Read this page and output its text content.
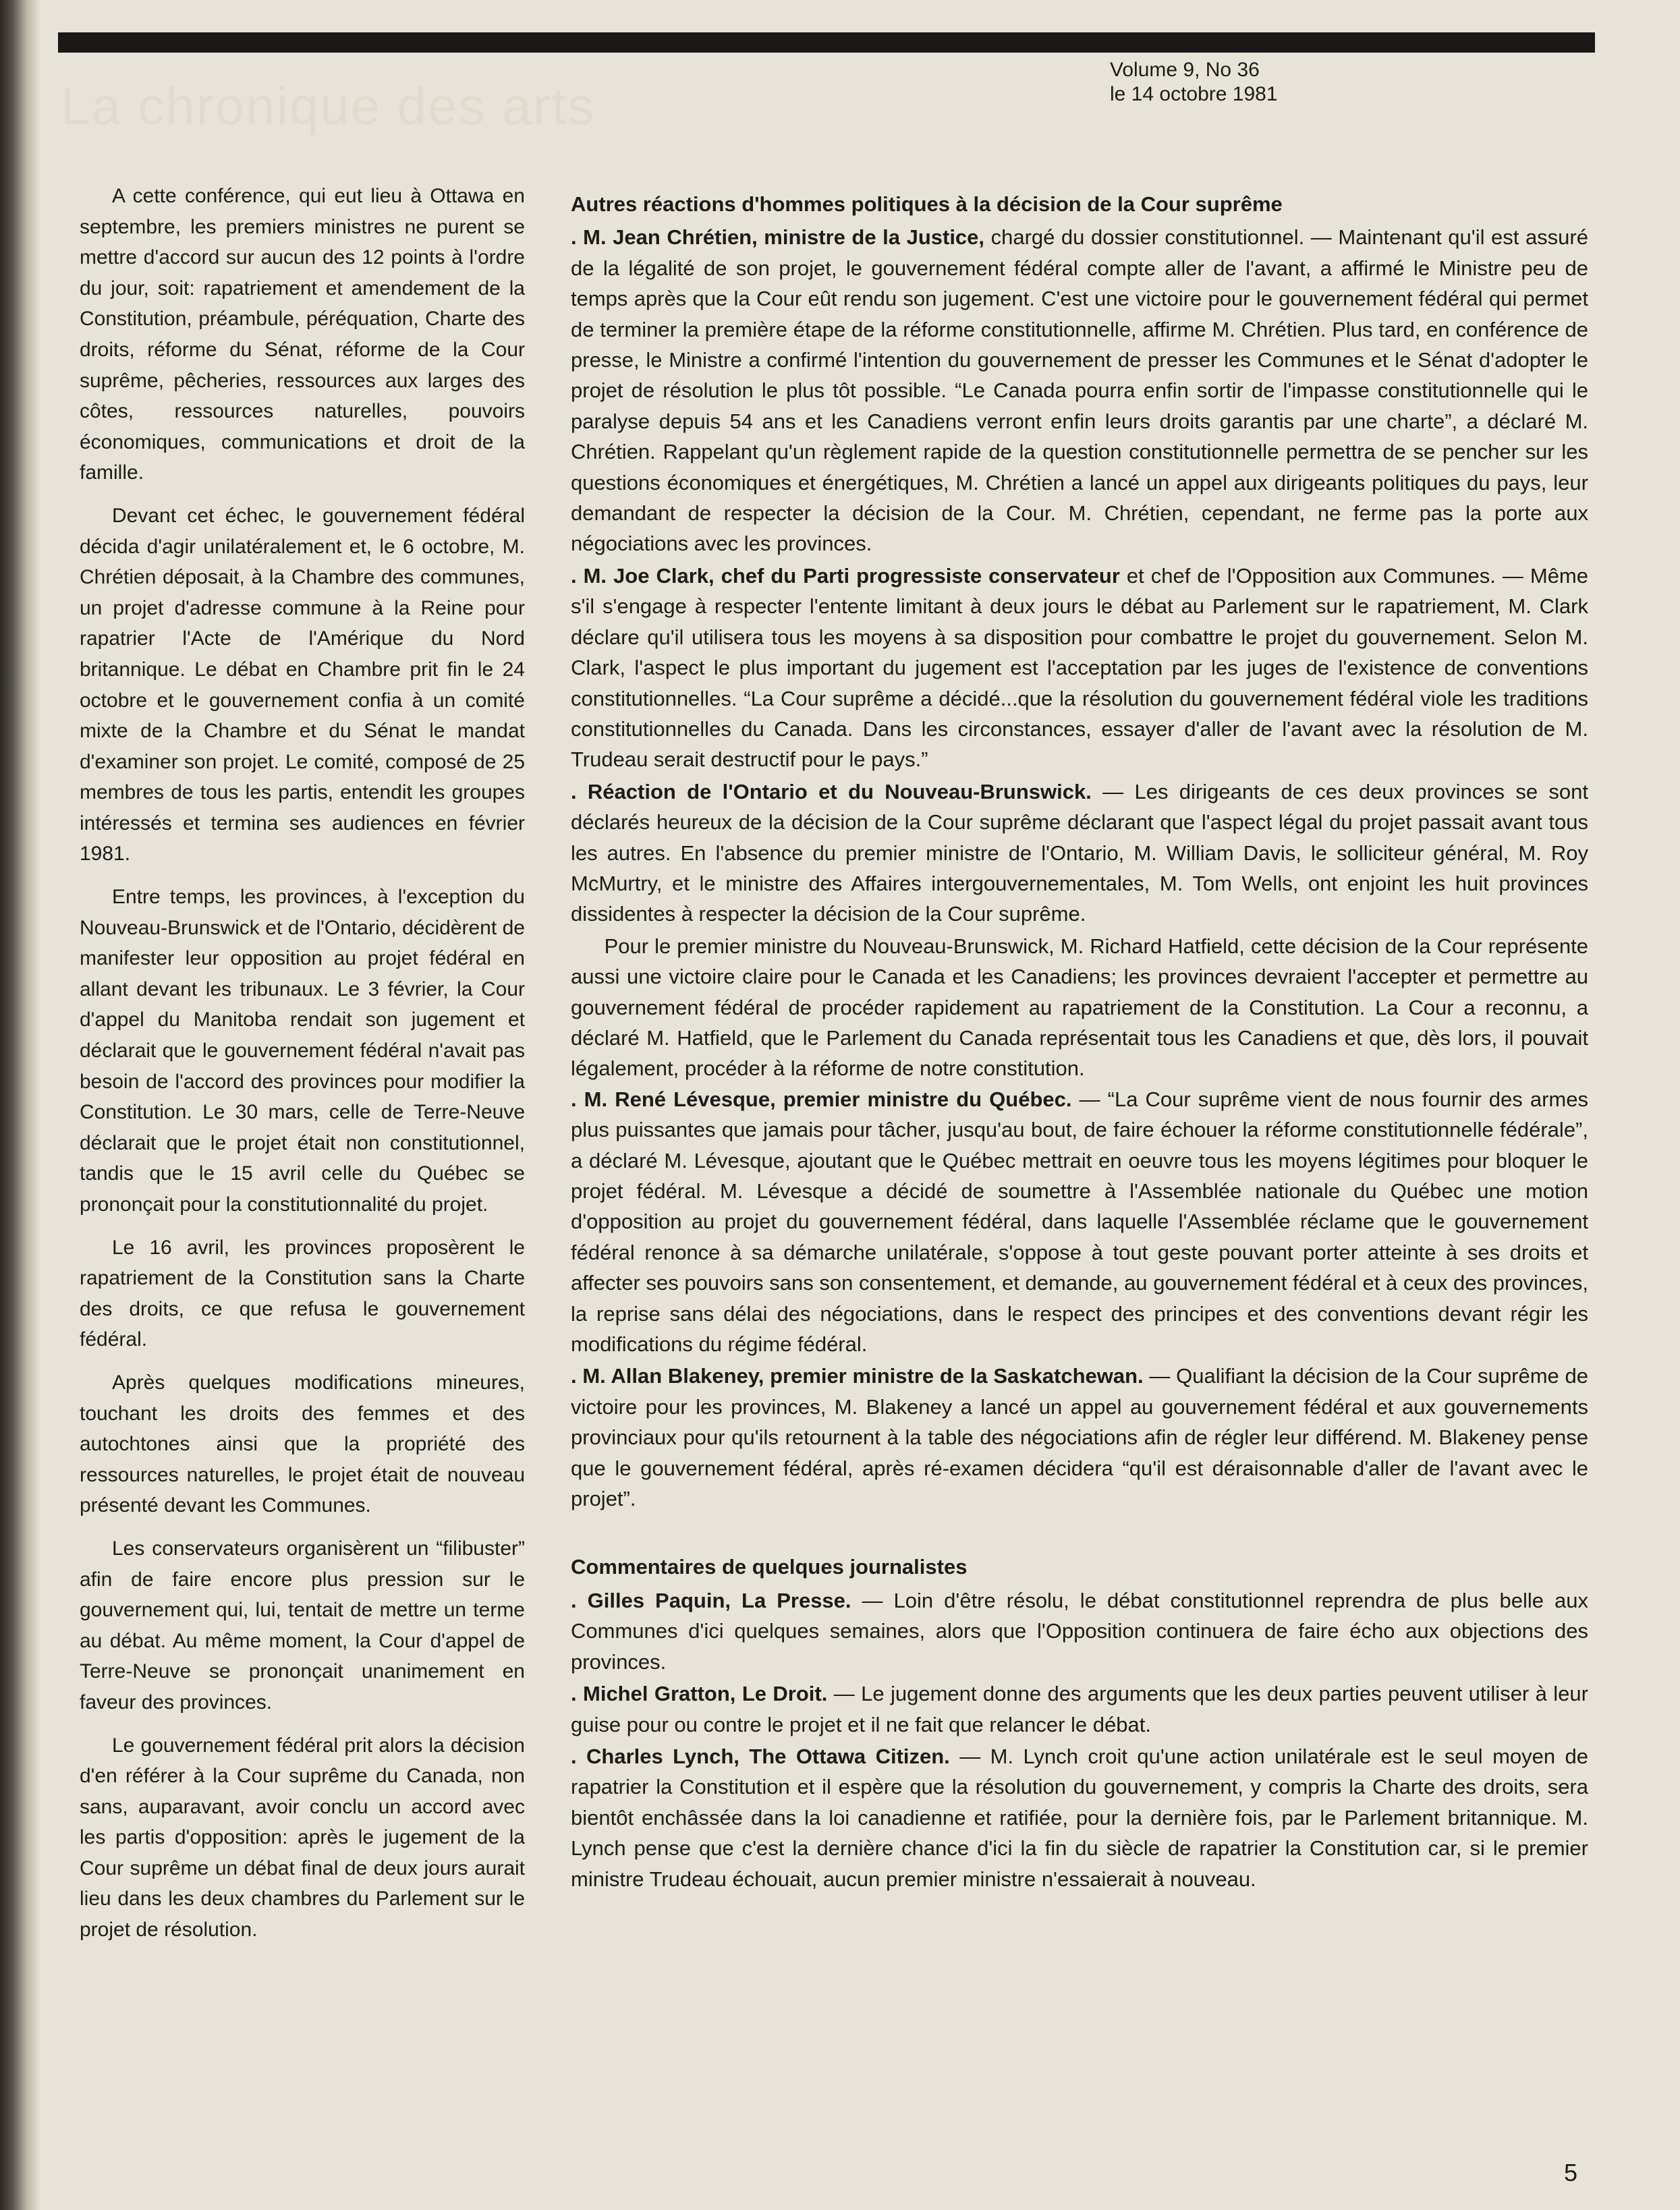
La chronique des arts
Volume 9, No 36
le 14 octobre 1981

A cette conférence, qui eut lieu à Ottawa en septembre, les premiers ministres ne purent se mettre d'accord sur aucun des 12 points à l'ordre du jour, soit: rapatriement et amendement de la Constitution, préambule, péréquation, Charte des droits, réforme du Sénat, réforme de la Cour suprême, pêcheries, ressources aux larges des côtes, ressources naturelles, pouvoirs économiques, communications et droit de la famille.

Devant cet échec, le gouvernement fédéral décida d'agir unilatéralement et, le 6 octobre, M. Chrétien déposait, à la Chambre des communes, un projet d'adresse commune à la Reine pour rapatrier l'Acte de l'Amérique du Nord britannique. Le débat en Chambre prit fin le 24 octobre et le gouvernement confia à un comité mixte de la Chambre et du Sénat le mandat d'examiner son projet. Le comité, composé de 25 membres de tous les partis, entendit les groupes intéressés et termina ses audiences en février 1981.

Entre temps, les provinces, à l'exception du Nouveau-Brunswick et de l'Ontario, décidèrent de manifester leur opposition au projet fédéral en allant devant les tribunaux. Le 3 février, la Cour d'appel du Manitoba rendait son jugement et déclarait que le gouvernement fédéral n'avait pas besoin de l'accord des provinces pour modifier la Constitution. Le 30 mars, celle de Terre-Neuve déclarait que le projet était non constitutionnel, tandis que le 15 avril celle du Québec se prononçait pour la constitutionnalité du projet.

Le 16 avril, les provinces proposèrent le rapatriement de la Constitution sans la Charte des droits, ce que refusa le gouvernement fédéral.

Après quelques modifications mineures, touchant les droits des femmes et des autochtones ainsi que la propriété des ressources naturelles, le projet était de nouveau présenté devant les Communes.

Les conservateurs organisèrent un “filibuster” afin de faire encore plus pression sur le gouvernement qui, lui, tentait de mettre un terme au débat. Au même moment, la Cour d'appel de Terre-Neuve se prononçait unanimement en faveur des provinces.

Le gouvernement fédéral prit alors la décision d'en référer à la Cour suprême du Canada, non sans, auparavant, avoir conclu un accord avec les partis d'opposition: après le jugement de la Cour suprême un débat final de deux jours aurait lieu dans les deux chambres du Parlement sur le projet de résolution.

Autres réactions d'hommes politiques à la décision de la Cour suprême
. M. Jean Chrétien, ministre de la Justice, chargé du dossier constitutionnel. — Maintenant qu'il est assuré de la légalité de son projet, le gouvernement fédéral compte aller de l'avant, a affirmé le Ministre peu de temps après que la Cour eût rendu son jugement. C'est une victoire pour le gouvernement fédéral qui permet de terminer la première étape de la réforme constitutionnelle, affirme M. Chrétien. Plus tard, en conférence de presse, le Ministre a confirmé l'intention du gouvernement de presser les Communes et le Sénat d'adopter le projet de résolution le plus tôt possible. “Le Canada pourra enfin sortir de l'impasse constitutionnelle qui le paralyse depuis 54 ans et les Canadiens verront enfin leurs droits garantis par une charte”, a déclaré M. Chrétien. Rappelant qu'un règlement rapide de la question constitutionnelle permettra de se pencher sur les questions économiques et énergétiques, M. Chrétien a lancé un appel aux dirigeants politiques du pays, leur demandant de respecter la décision de la Cour. M. Chrétien, cependant, ne ferme pas la porte aux négociations avec les provinces.
. M. Joe Clark, chef du Parti progressiste conservateur et chef de l'Opposition aux Communes. — Même s'il s'engage à respecter l'entente limitant à deux jours le débat au Parlement sur le rapatriement, M. Clark déclare qu'il utilisera tous les moyens à sa disposition pour combattre le projet du gouvernement. Selon M. Clark, l'aspect le plus important du jugement est l'acceptation par les juges de l'existence de conventions constitutionnelles. “La Cour suprême a décidé...que la résolution du gouvernement fédéral viole les traditions constitutionnelles du Canada. Dans les circonstances, essayer d'aller de l'avant avec la résolution de M. Trudeau serait destructif pour le pays.”
. Réaction de l'Ontario et du Nouveau-Brunswick. — Les dirigeants de ces deux provinces se sont déclarés heureux de la décision de la Cour suprême déclarant que l'aspect légal du projet passait avant tous les autres. En l'absence du premier ministre de l'Ontario, M. William Davis, le solliciteur général, M. Roy McMurtry, et le ministre des Affaires intergouvernementales, M. Tom Wells, ont enjoint les huit provinces dissidentes à respecter la décision de la Cour suprême.

Pour le premier ministre du Nouveau-Brunswick, M. Richard Hatfield, cette décision de la Cour représente aussi une victoire claire pour le Canada et les Canadiens; les provinces devraient l'accepter et permettre au gouvernement fédéral de procéder rapidement au rapatriement de la Constitution. La Cour a reconnu, a déclaré M. Hatfield, que le Parlement du Canada représentait tous les Canadiens et que, dès lors, il pouvait légalement, procéder à la réforme de notre constitution.

. M. René Lévesque, premier ministre du Québec. — “La Cour suprême vient de nous fournir des armes plus puissantes que jamais pour tâcher, jusqu'au bout, de faire échouer la réforme constitutionnelle fédérale”, a déclaré M. Lévesque, ajoutant que le Québec mettrait en oeuvre tous les moyens légitimes pour bloquer le projet fédéral. M. Lévesque a décidé de soumettre à l'Assemblée nationale du Québec une motion d'opposition au projet du gouvernement fédéral, dans laquelle l'Assemblée réclame que le gouvernement fédéral renonce à sa démarche unilatérale, s'oppose à tout geste pouvant porter atteinte à ses droits et affecter ses pouvoirs sans son consentement, et demande, au gouvernement fédéral et à ceux des provinces, la reprise sans délai des négociations, dans le respect des principes et des conventions devant régir les modifications du régime fédéral.
. M. Allan Blakeney, premier ministre de la Saskatchewan. — Qualifiant la décision de la Cour suprême de victoire pour les provinces, M. Blakeney a lancé un appel au gouvernement fédéral et aux gouvernements provinciaux pour qu'ils retournent à la table des négociations afin de régler leur différend. M. Blakeney pense que le gouvernement fédéral, après ré-examen décidera “qu'il est déraisonnable d'aller de l'avant avec le projet”.
Commentaires de quelques journalistes
. Gilles Paquin, La Presse. — Loin d'être résolu, le débat constitutionnel reprendra de plus belle aux Communes d'ici quelques semaines, alors que l'Opposition continuera de faire écho aux objections des provinces.
. Michel Gratton, Le Droit. — Le jugement donne des arguments que les deux parties peuvent utiliser à leur guise pour ou contre le projet et il ne fait que relancer le débat.
. Charles Lynch, The Ottawa Citizen. — M. Lynch croit qu'une action unilatérale est le seul moyen de rapatrier la Constitution et il espère que la résolution du gouvernement, y compris la Charte des droits, sera bientôt enchâssée dans la loi canadienne et ratifiée, pour la dernière fois, par le Parlement britannique. M. Lynch pense que c'est la dernière chance d'ici la fin du siècle de rapatrier la Constitution car, si le premier ministre Trudeau échouait, aucun premier ministre n'essaierait à nouveau.
5
